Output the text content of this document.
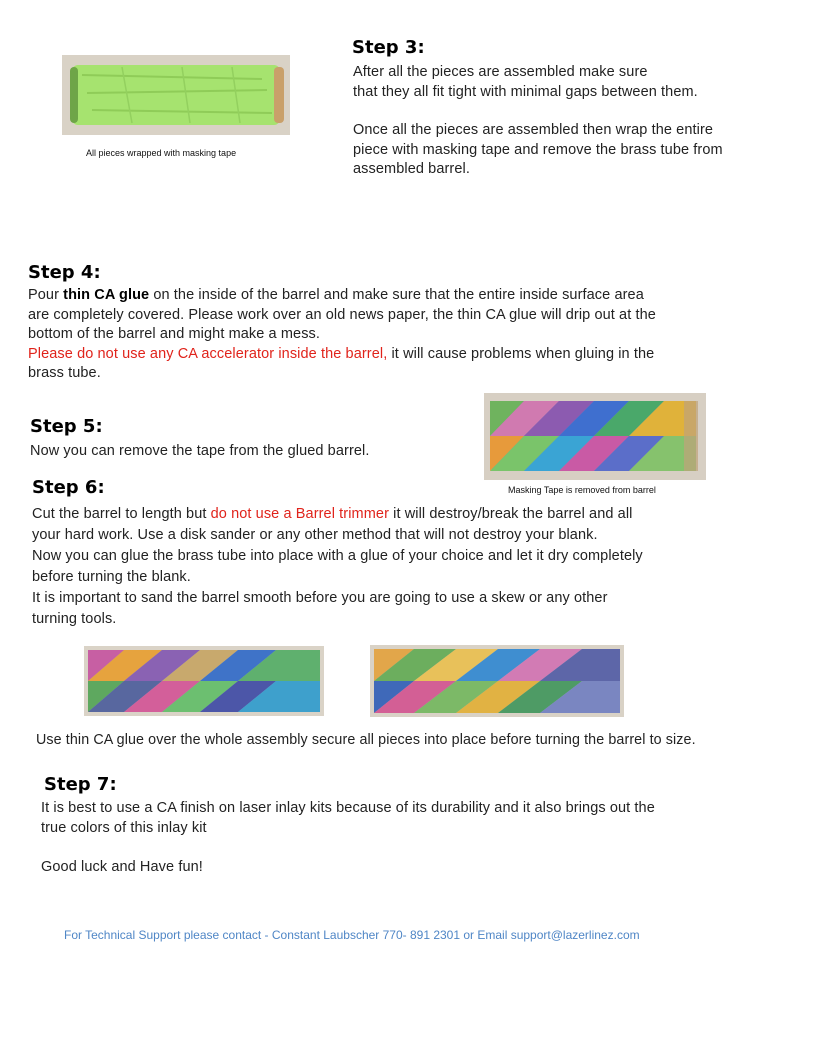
All pieces wrapped with masking tape
Step 3:
After all the pieces are assembled make sure
that they all fit tight with minimal gaps between them.
Once all the pieces are assembled then wrap the entire
piece with masking tape and remove the brass tube from
assembled barrel.
Step 4:
Pour thin CA glue on the inside of the barrel and make sure that the entire inside surface area
are completely covered. Please work over an old news paper, the thin CA glue will drip out at the
bottom of the barrel and might make a mess.
Please do not use any CA accelerator inside the barrel, it will cause problems when gluing in the
brass tube.
Step 5:
Now you can remove the tape from the glued barrel.
Masking Tape is removed from barrel
Step 6:
Cut the barrel to length but do not use a Barrel trimmer it will destroy/break the barrel and all
your hard work. Use a disk sander or any other method that will not destroy your blank.
Now you can glue the brass tube into place with a glue of your choice and let it dry completely
before turning the blank.
It is important to sand the barrel smooth before you are going to use a skew or any other
turning tools.
Use thin CA glue over the whole assembly secure all pieces into place before turning the barrel to size.
Step 7:
It is best to use a CA finish on laser inlay kits because of its durability and it also brings out the
true colors of this inlay kit
Good luck and Have fun!
For Technical Support please contact - Constant Laubscher 770- 891 2301 or Email support@lazerlinez.com
